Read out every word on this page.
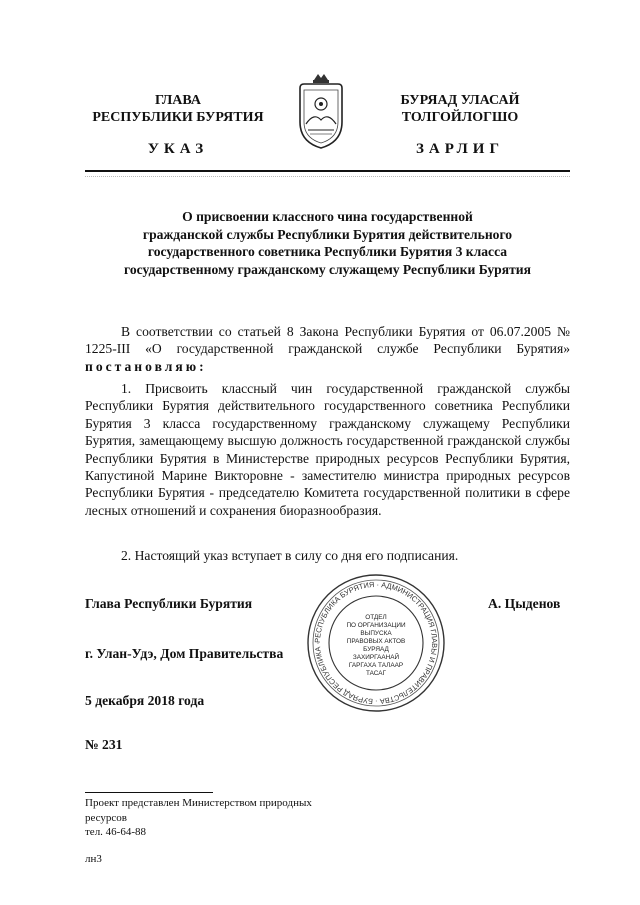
ГЛАВА
РЕСПУБЛИКИ БУРЯТИЯ
БУРЯАД УЛАСАЙ
ТОЛГОЙЛОГШО
УКАЗ	ЗАРЛИГ
О присвоении классного чина государственной
гражданской службы Республики Бурятия действительного
государственного советника Республики Бурятия 3 класса
государственному гражданскому служащему Республики Бурятия

В соответствии со статьей 8 Закона Республики Бурятия от 06.07.2005 № 1225-III «О государственной гражданской службе Республики Бурятия» постановляю:

1. Присвоить классный чин государственной гражданской службы Республики Бурятия действительного государственного советника Республики Бурятия 3 класса государственному гражданскому служащему Республики Бурятия, замещающему высшую должность государственной гражданской службы Республики Бурятия в Министерстве природных ресурсов Республики Бурятия, Капустиной Марине Викторовне - заместителю министра природных ресурсов Республики Бурятия - председателю Комитета государственной политики в сфере лесных отношений и сохранения биоразнообразия.

2. Настоящий указ вступает в силу со дня его подписания.

Глава Республики Бурятия	А. Цыденов
г. Улан-Удэ, Дом Правительства
5 декабря 2018 года
№ 231
РЕСПУБЛИКА БУРЯТИЯ · АДМИНИСТРАЦИЯ ГЛАВЫ И ПРАВИТЕЛЬСТВА · БУРЯАД РЕСПУБЛИКА ·
ОТДЕЛ
ПО ОРГАНИЗАЦИИ
ВЫПУСКА
ПРАВОВЫХ АКТОВ
БУРЯАД
ЗАХИРГААНАЙ
ГАРГАХА ТАЛААР
ТАСАГ
Проект представлен Министерством природных
ресурсов
тел. 46-64-88
лн3
